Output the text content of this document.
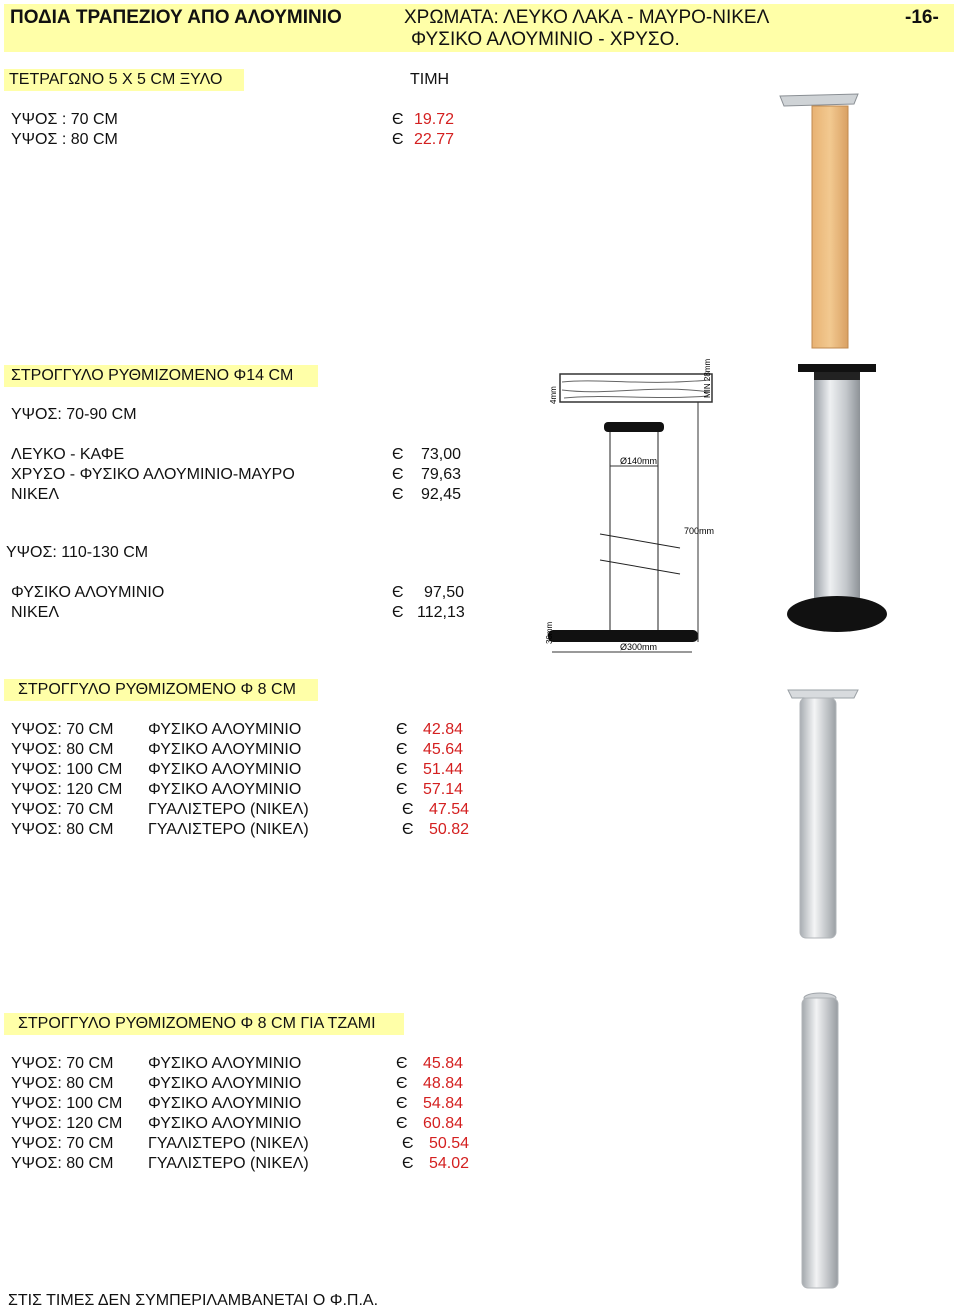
ΠΟΔΙΑ ΤΡΑΠΕΖΙΟΥ ΑΠΟ ΑΛΟΥΜΙΝΙΟ	ΧΡΩΜΑΤΑ: ΛΕΥΚΟ ΛΑΚΑ - ΜΑΥΡΟ-ΝΙΚΕΛ
ΦΥΣΙΚΟ ΑΛΟΥΜΙΝΙΟ - ΧΡΥΣΟ.
-16-
ΤΕΤΡΑΓΩΝΟ 5 Χ 5 CM ΞΥΛΟ	ΤΙΜΗ
ΥΨΟΣ : 70 CM	Є 19.72
ΥΨΟΣ : 80 CM	Є 22.77
ΣΤΡΟΓΓΥΛΟ ΡΥΘΜΙΖΟΜΕΝΟ Φ14 CM
ΥΨΟΣ: 70-90 CM
ΛΕΥΚΟ - ΚΑΦΕ	Є 73,00
ΧΡΥΣΟ - ΦΥΣΙΚΟ ΑΛΟΥΜΙΝΙΟ-ΜΑΥΡΟ	Є 79,63
ΝΙΚΕΛ	Є 92,45
ΥΨΟΣ: 110-130 CM
ΦΥΣΙΚΟ ΑΛΟΥΜΙΝΙΟ	Є 97,50
ΝΙΚΕΛ	Є 112,13
4mm	MIN 28mm
Ø140mm
700mm
30mm
Ø300mm
ΣΤΡΟΓΓΥΛΟ ΡΥΘΜΙΖΟΜΕΝΟ Φ 8 CM
ΥΨΟΣ: 70 CM ΦΥΣΙΚΟ ΑΛΟΥΜΙΝΙΟ	Є 42.84
ΥΨΟΣ: 80 CM ΦΥΣΙΚΟ ΑΛΟΥΜΙΝΙΟ	Є 45.64
ΥΨΟΣ: 100 CM ΦΥΣΙΚΟ ΑΛΟΥΜΙΝΙΟ	Є 51.44
ΥΨΟΣ: 120 CM ΦΥΣΙΚΟ ΑΛΟΥΜΙΝΙΟ	Є 57.14
ΥΨΟΣ: 70 CM ΓΥΑΛΙΣΤΕΡΟ (ΝΙΚΕΛ)	Є 47.54
ΥΨΟΣ: 80 CM ΓΥΑΛΙΣΤΕΡΟ (ΝΙΚΕΛ)	Є 50.82
ΣΤΡΟΓΓΥΛΟ ΡΥΘΜΙΖΟΜΕΝΟ Φ 8 CM ΓΙΑ ΤΖΑΜΙ
ΥΨΟΣ: 70 CM ΦΥΣΙΚΟ ΑΛΟΥΜΙΝΙΟ	Є 45.84
ΥΨΟΣ: 80 CM ΦΥΣΙΚΟ ΑΛΟΥΜΙΝΙΟ	Є 48.84
ΥΨΟΣ: 100 CM ΦΥΣΙΚΟ ΑΛΟΥΜΙΝΙΟ	Є 54.84
ΥΨΟΣ: 120 CM ΦΥΣΙΚΟ ΑΛΟΥΜΙΝΙΟ	Є 60.84
ΥΨΟΣ: 70 CM ΓΥΑΛΙΣΤΕΡΟ (ΝΙΚΕΛ)	Є 50.54
ΥΨΟΣ: 80 CM ΓΥΑΛΙΣΤΕΡΟ (ΝΙΚΕΛ)	Є 54.02
ΣΤΙΣ ΤΙΜΕΣ ΔΕΝ ΣΥΜΠΕΡΙΛΑΜΒΑΝΕΤΑΙ Ο Φ.Π.Α.
